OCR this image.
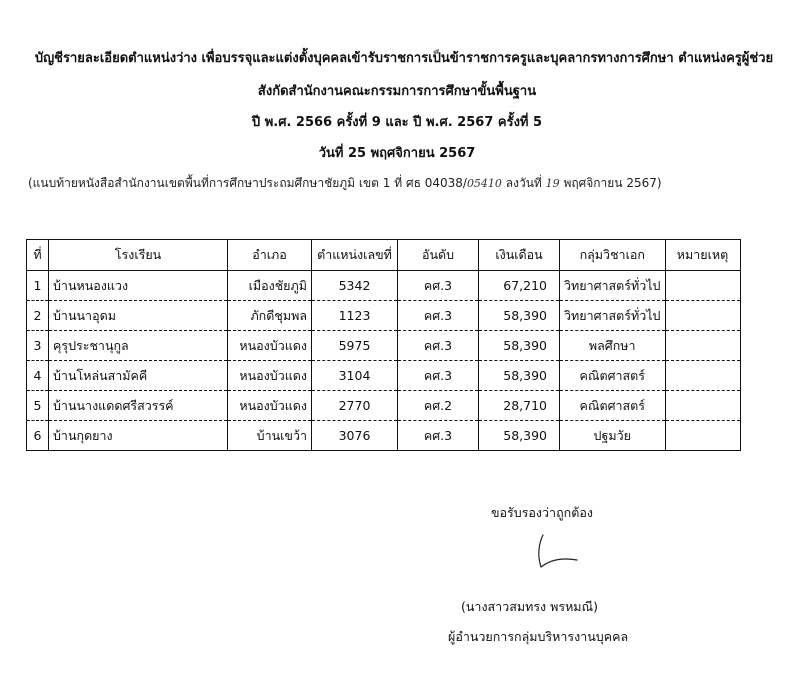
บัญชีรายละเอียดตำแหน่งว่าง เพื่อบรรจุและแต่งตั้งบุคคลเข้ารับราชการเป็นข้าราชการครูและบุคลากรทางการศึกษา ตำแหน่งครูผู้ช่วย
สังกัดสำนักงานคณะกรรมการการศึกษาขั้นพื้นฐาน
ปี พ.ศ. 2566 ครั้งที่ 9 และ ปี พ.ศ. 2567 ครั้งที่ 5
วันที่ 25 พฤศจิกายน 2567
(แนบท้ายหนังสือสำนักงานเขตพื้นที่การศึกษาประถมศึกษาชัยภูมิ เขต 1 ที่ ศธ 04038/05410 ลงวันที่ 19 พฤศจิกายน 2567)
ที่	โรงเรียน	อำเภอ	ตำแหน่งเลขที่	อันดับ	เงินเดือน	กลุ่มวิชาเอก	หมายเหตุ
1	บ้านหนองแวง	เมืองชัยภูมิ	5342	คศ.3	67,210	วิทยาศาสตร์ทั่วไป	
2	บ้านนาอุดม	ภักดีชุมพล	1123	คศ.3	58,390	วิทยาศาสตร์ทั่วไป	
3	คุรุประชานุกูล	หนองบัวแดง	5975	คศ.3	58,390	พลศึกษา	
4	บ้านโหล่นสามัคคี	หนองบัวแดง	3104	คศ.3	58,390	คณิตศาสตร์	
5	บ้านนางแดดศรีสวรรค์	หนองบัวแดง	2770	คศ.2	28,710	คณิตศาสตร์	
6	บ้านกุดยาง	บ้านเขว้า	3076	คศ.3	58,390	ปฐมวัย	
ขอรับรองว่าถูกต้อง
(นางสาวสมทรง พรหมณี)
ผู้อำนวยการกลุ่มบริหารงานบุคคล
